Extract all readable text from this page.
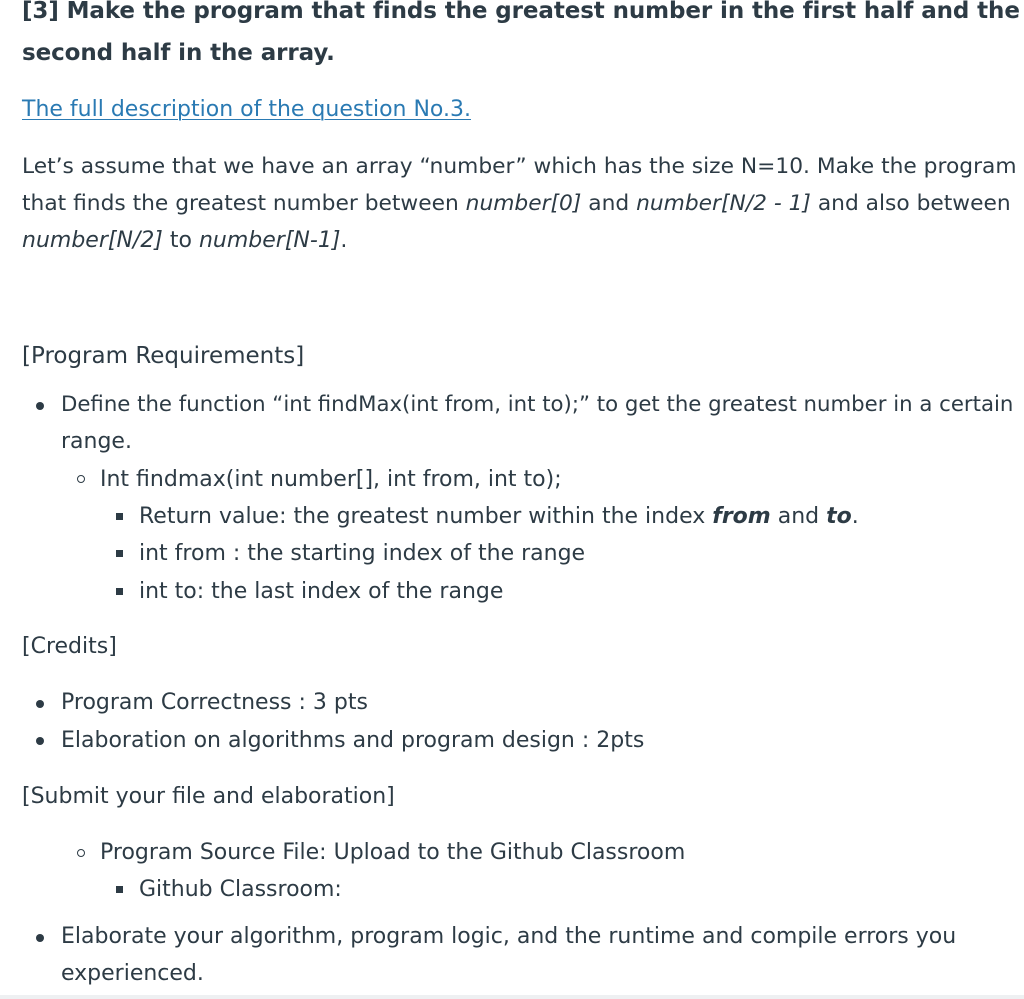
[3] Make the program that finds the greatest number in the first half and the
second half in the array.
The full description of the question No.3.
Let’s assume that we have an array “number” which has the size N=10. Make the program
that finds the greatest number between number[0] and number[N/2 - 1] and also between
number[N/2] to number[N-1].
[Program Requirements]
Define the function “int findMax(int from, int to);” to get the greatest number in a certain
range.
Int findmax(int number[], int from, int to);
Return value: the greatest number within the index from and to.
int from : the starting index of the range
int to: the last index of the range
[Credits]
Program Correctness : 3 pts
Elaboration on algorithms and program design : 2pts
[Submit your file and elaboration]
Program Source File: Upload to the Github Classroom
Github Classroom:
Elaborate your algorithm, program logic, and the runtime and compile errors you
experienced.
